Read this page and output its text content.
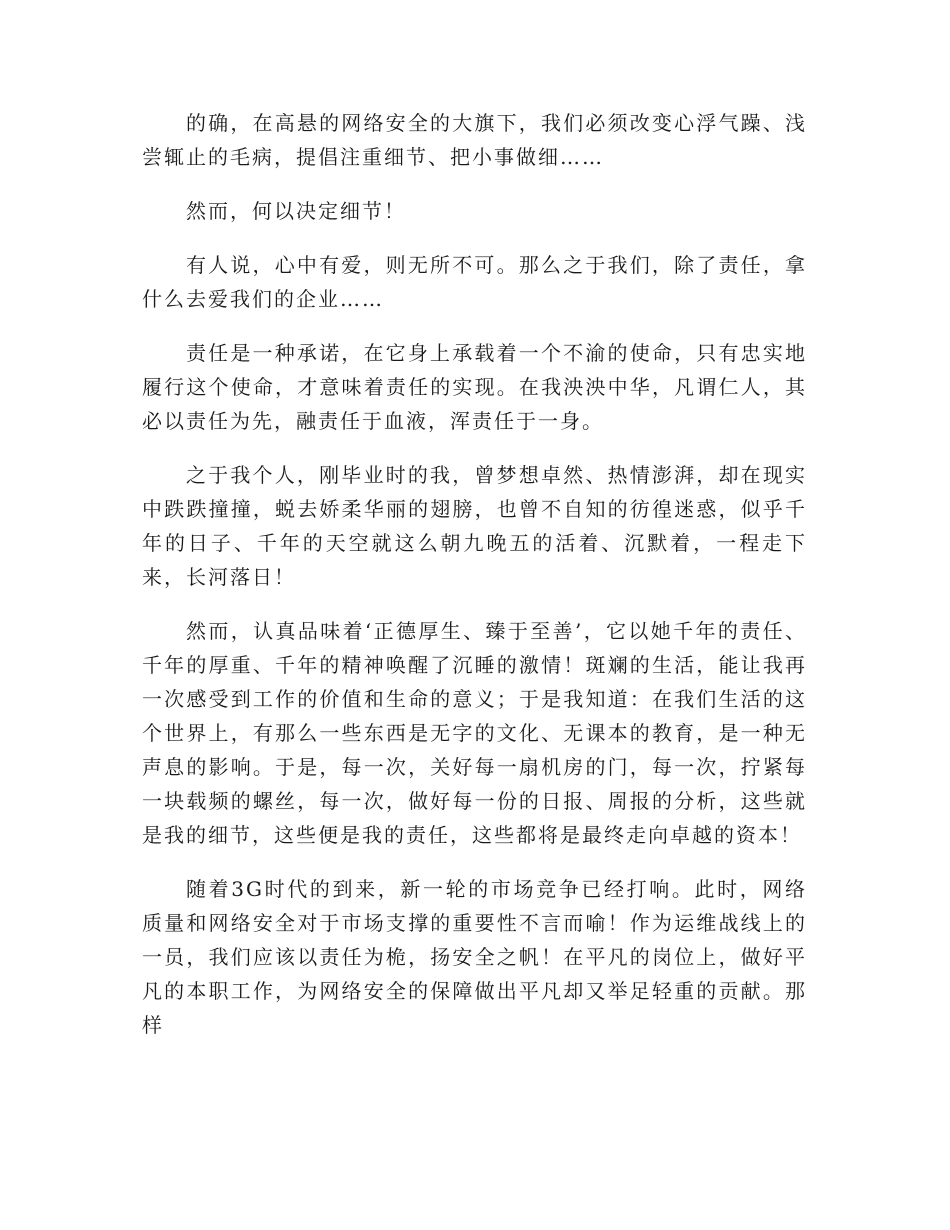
的确，在高悬的网络安全的大旗下，我们必须改变心浮气躁、浅尝辄止的毛病，提倡注重细节、把小事做细……

然而，何以决定细节！

有人说，心中有爱，则无所不可。那么之于我们，除了责任，拿什么去爱我们的企业……

责任是一种承诺，在它身上承载着一个不渝的使命，只有忠实地履行这个使命，才意味着责任的实现。在我泱泱中华，凡谓仁人，其必以责任为先，融责任于血液，浑责任于一身。

之于我个人，刚毕业时的我，曾梦想卓然、热情澎湃，却在现实中跌跌撞撞，蜕去娇柔华丽的翅膀，也曾不自知的彷徨迷惑，似乎千年的日子、千年的天空就这么朝九晚五的活着、沉默着，一程走下来，长河落日！

然而，认真品味着‘正德厚生、臻于至善’，它以她千年的责任、千年的厚重、千年的精神唤醒了沉睡的激情！斑斓的生活，能让我再一次感受到工作的价值和生命的意义；于是我知道：在我们生活的这个世界上，有那么一些东西是无字的文化、无课本的教育，是一种无声息的影响。于是，每一次，关好每一扇机房的门，每一次，拧紧每一块载频的螺丝，每一次，做好每一份的日报、周报的分析，这些就是我的细节，这些便是我的责任，这些都将是最终走向卓越的资本！

随着3G时代的到来，新一轮的市场竞争已经打响。此时，网络质量和网络安全对于市场支撑的重要性不言而喻！作为运维战线上的一员，我们应该以责任为桅，扬安全之帆！在平凡的岗位上，做好平凡的本职工作，为网络安全的保障做出平凡却又举足轻重的贡献。那样
